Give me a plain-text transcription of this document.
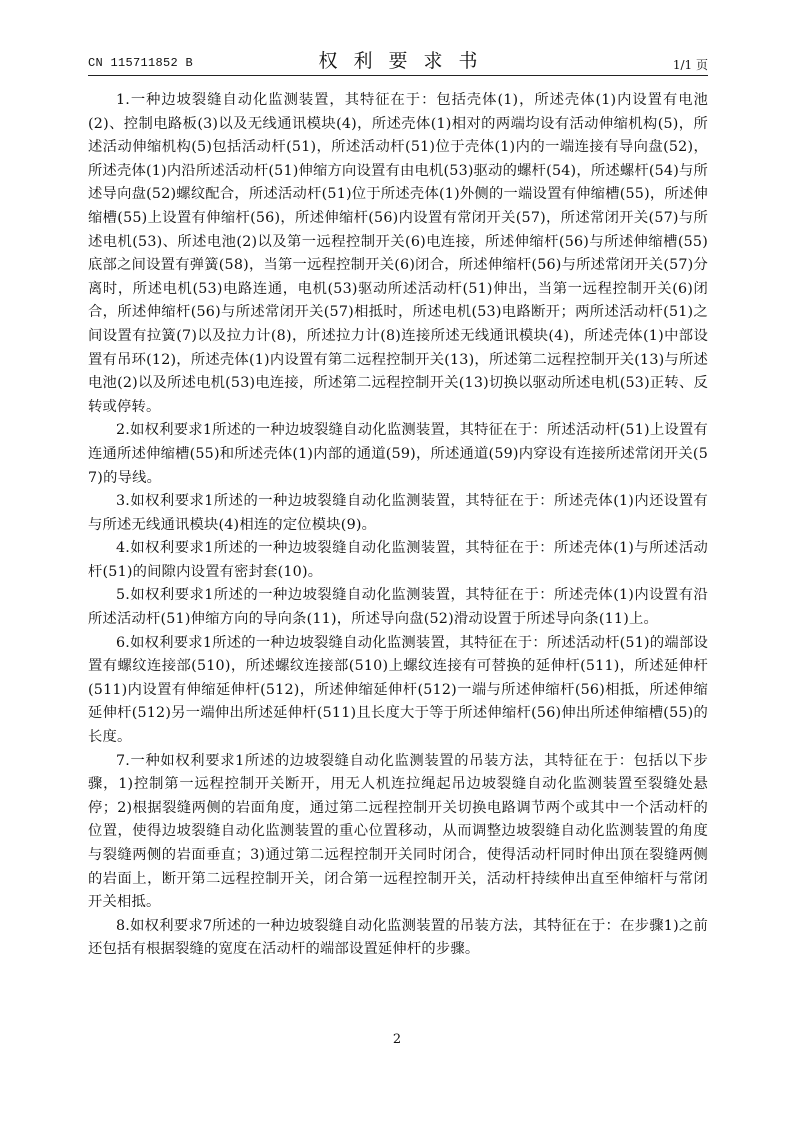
CN 115711852 B	权利要求书	1/1 页

1.一种边坡裂缝自动化监测装置，其特征在于：包括壳体(1)，所述壳体(1)内设置有电池(2)、控制电路板(3)以及无线通讯模块(4)，所述壳体(1)相对的两端均设有活动伸缩机构(5)，所述活动伸缩机构(5)包括活动杆(51)，所述活动杆(51)位于壳体(1)内的一端连接有导向盘(52)，所述壳体(1)内沿所述活动杆(51)伸缩方向设置有由电机(53)驱动的螺杆(54)，所述螺杆(54)与所述导向盘(52)螺纹配合，所述活动杆(51)位于所述壳体(1)外侧的一端设置有伸缩槽(55)，所述伸缩槽(55)上设置有伸缩杆(56)，所述伸缩杆(56)内设置有常闭开关(57)，所述常闭开关(57)与所述电机(53)、所述电池(2)以及第一远程控制开关(6)电连接，所述伸缩杆(56)与所述伸缩槽(55)底部之间设置有弹簧(58)，当第一远程控制开关(6)闭合，所述伸缩杆(56)与所述常闭开关(57)分离时，所述电机(53)电路连通，电机(53)驱动所述活动杆(51)伸出，当第一远程控制开关(6)闭合，所述伸缩杆(56)与所述常闭开关(57)相抵时，所述电机(53)电路断开；两所述活动杆(51)之间设置有拉簧(7)以及拉力计(8)，所述拉力计(8)连接所述无线通讯模块(4)，所述壳体(1)中部设置有吊环(12)，所述壳体(1)内设置有第二远程控制开关(13)，所述第二远程控制开关(13)与所述电池(2)以及所述电机(53)电连接，所述第二远程控制开关(13)切换以驱动所述电机(53)正转、反转或停转。

2.如权利要求1所述的一种边坡裂缝自动化监测装置，其特征在于：所述活动杆(51)上设置有连通所述伸缩槽(55)和所述壳体(1)内部的通道(59)，所述通道(59)内穿设有连接所述常闭开关(57)的导线。

3.如权利要求1所述的一种边坡裂缝自动化监测装置，其特征在于：所述壳体(1)内还设置有与所述无线通讯模块(4)相连的定位模块(9)。

4.如权利要求1所述的一种边坡裂缝自动化监测装置，其特征在于：所述壳体(1)与所述活动杆(51)的间隙内设置有密封套(10)。

5.如权利要求1所述的一种边坡裂缝自动化监测装置，其特征在于：所述壳体(1)内设置有沿所述活动杆(51)伸缩方向的导向条(11)，所述导向盘(52)滑动设置于所述导向条(11)上。

6.如权利要求1所述的一种边坡裂缝自动化监测装置，其特征在于：所述活动杆(51)的端部设置有螺纹连接部(510)，所述螺纹连接部(510)上螺纹连接有可替换的延伸杆(511)，所述延伸杆(511)内设置有伸缩延伸杆(512)，所述伸缩延伸杆(512)一端与所述伸缩杆(56)相抵，所述伸缩延伸杆(512)另一端伸出所述延伸杆(511)且长度大于等于所述伸缩杆(56)伸出所述伸缩槽(55)的长度。

7.一种如权利要求1所述的边坡裂缝自动化监测装置的吊装方法，其特征在于：包括以下步骤，1)控制第一远程控制开关断开，用无人机连拉绳起吊边坡裂缝自动化监测装置至裂缝处悬停；2)根据裂缝两侧的岩面角度，通过第二远程控制开关切换电路调节两个或其中一个活动杆的位置，使得边坡裂缝自动化监测装置的重心位置移动，从而调整边坡裂缝自动化监测装置的角度与裂缝两侧的岩面垂直；3)通过第二远程控制开关同时闭合，使得活动杆同时伸出顶在裂缝两侧的岩面上，断开第二远程控制开关，闭合第一远程控制开关，活动杆持续伸出直至伸缩杆与常闭开关相抵。

8.如权利要求7所述的一种边坡裂缝自动化监测装置的吊装方法，其特征在于：在步骤1)之前还包括有根据裂缝的宽度在活动杆的端部设置延伸杆的步骤。

2
